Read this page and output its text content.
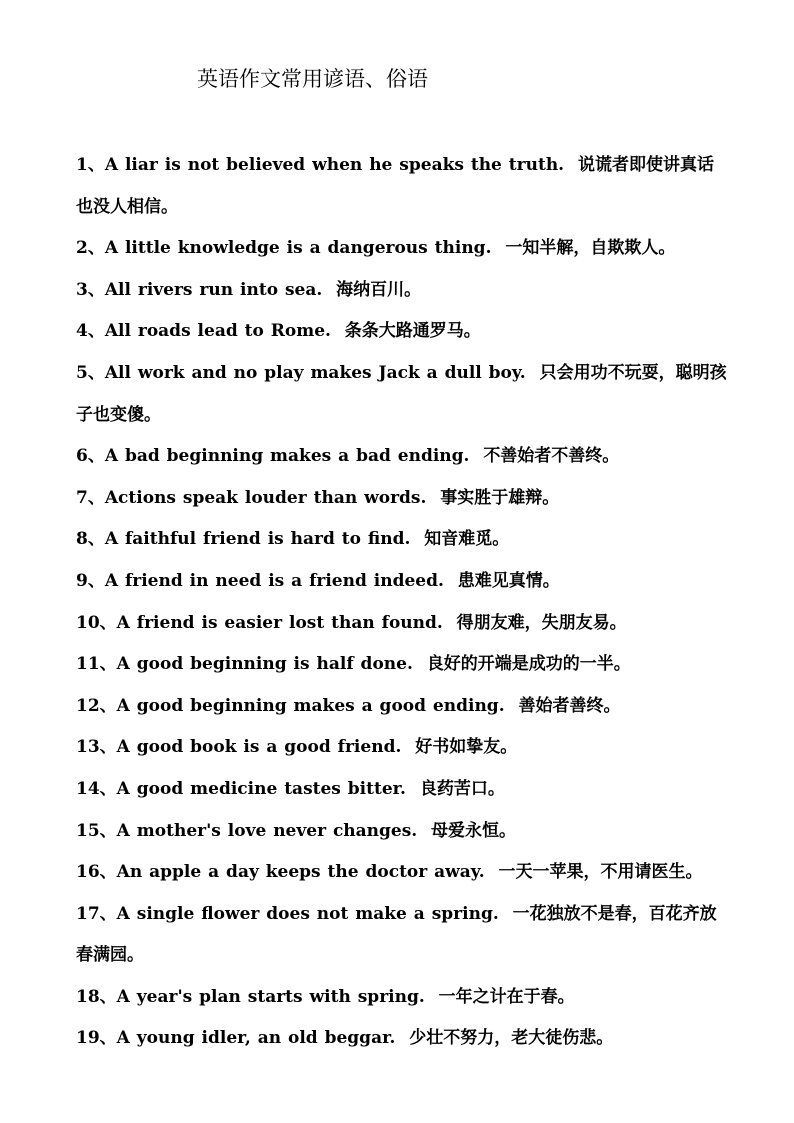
英语作文常用谚语、俗语
1、A liar is not believed when he speaks the truth. 说谎者即使讲真话也没人相信。
2、A little knowledge is a dangerous thing. 一知半解，自欺欺人。
3、All rivers run into sea. 海纳百川。
4、All roads lead to Rome. 条条大路通罗马。
5、All work and no play makes Jack a dull boy. 只会用功不玩耍，聪明孩子也变傻。
6、A bad beginning makes a bad ending. 不善始者不善终。
7、Actions speak louder than words. 事实胜于雄辩。
8、A faithful friend is hard to find. 知音难觅。
9、A friend in need is a friend indeed. 患难见真情。
10、A friend is easier lost than found. 得朋友难，失朋友易。
11、A good beginning is half done. 良好的开端是成功的一半。
12、A good beginning makes a good ending. 善始者善终。
13、A good book is a good friend. 好书如挚友。
14、A good medicine tastes bitter. 良药苦口。
15、A mother's love never changes. 母爱永恒。
16、An apple a day keeps the doctor away. 一天一苹果，不用请医生。
17、A single flower does not make a spring. 一花独放不是春，百花齐放春满园。
18、A year's plan starts with spring. 一年之计在于春。
19、A young idler, an old beggar. 少壮不努力，老大徒伤悲。
